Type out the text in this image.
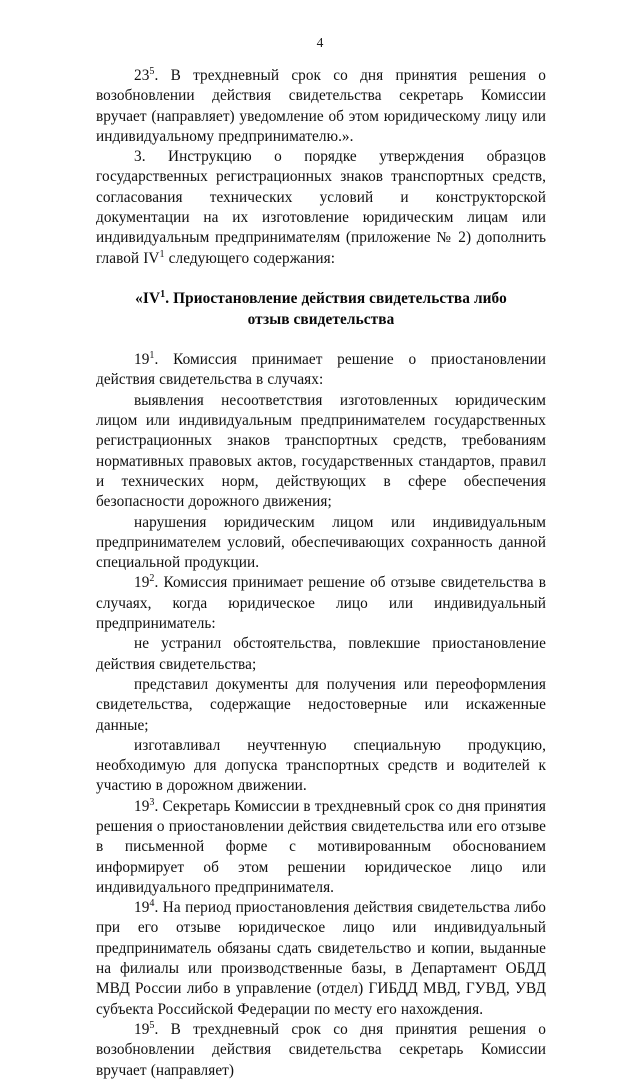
4

$23^5$. В трехдневный срок со дня принятия решения о возобновлении действия свидетельства секретарь Комиссии вручает (направляет) уведомление об этом юридическому лицу или индивидуальному предпринимателю.».

3. Инструкцию о порядке утверждения образцов государственных регистрационных знаков транспортных средств, согласования технических условий и конструкторской документации на их изготовление юридическим лицам или индивидуальным предпринимателям (приложение № 2) дополнить главой $IV^1$ следующего содержания:

«$IV^1$. Приостановление действия свидетельства либо

отзыв свидетельства

$19^1$. Комиссия принимает решение о приостановлении действия свидетельства в случаях:

выявления несоответствия изготовленных юридическим лицом или индивидуальным предпринимателем государственных регистрационных знаков транспортных средств, требованиям нормативных правовых актов, государственных стандартов, правил и технических норм, действующих в сфере обеспечения безопасности дорожного движения;

нарушения юридическим лицом или индивидуальным предпринимателем условий, обеспечивающих сохранность данной специальной продукции.

$19^2$. Комиссия принимает решение об отзыве свидетельства в случаях, когда юридическое лицо или индивидуальный предприниматель:

не устранил обстоятельства, повлекшие приостановление действия свидетельства;

представил документы для получения или переоформления свидетельства, содержащие недостоверные или искаженные данные;

изготавливал неучтенную специальную продукцию, необходимую для допуска транспортных средств и водителей к участию в дорожном движении.

$19^3$. Секретарь Комиссии в трехдневный срок со дня принятия решения о приостановлении действия свидетельства или его отзыве в письменной форме с мотивированным обоснованием информирует об этом решении юридическое лицо или индивидуального предпринимателя.

$19^4$. На период приостановления действия свидетельства либо при его отзыве юридическое лицо или индивидуальный предприниматель обязаны сдать свидетельство и копии, выданные на филиалы или производственные базы, в Департамент ОБДД МВД России либо в управление (отдел) ГИБДД МВД, ГУВД, УВД субъекта Российской Федерации по месту его нахождения.

$19^5$. В трехдневный срок со дня принятия решения о возобновлении действия свидетельства секретарь Комиссии вручает (направляет)
